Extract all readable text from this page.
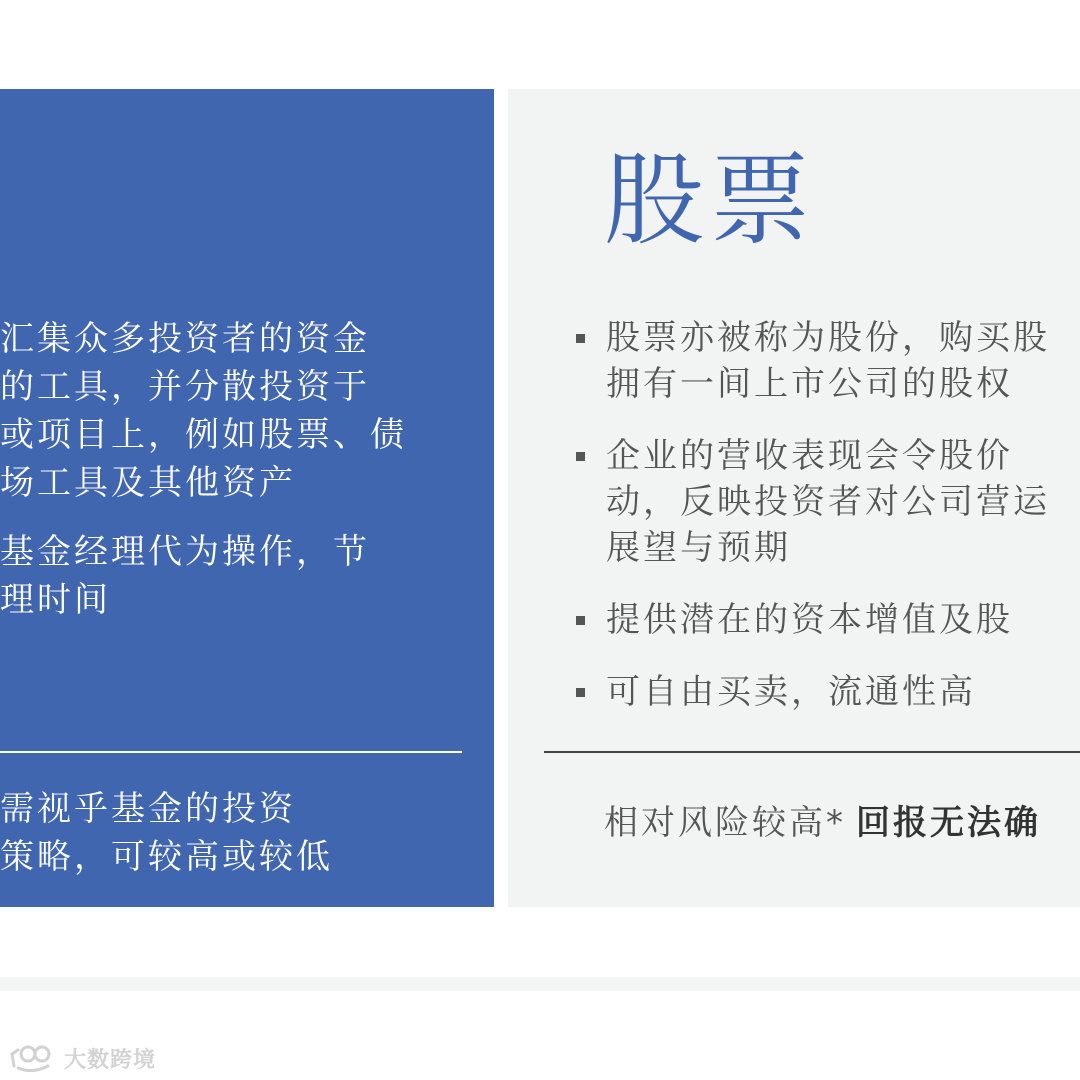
汇集众多投资者的资金
的工具，并分散投资于
或项目上，例如股票、债
场工具及其他资产
基金经理代为操作，节
理时间
需视乎基金的投资
策略，可较高或较低
股票
股票亦被称为股份，购买股
拥有一间上市公司的股权
企业的营收表现会令股价
动，反映投资者对公司营运
展望与预期
提供潜在的资本增值及股
可自由买卖，流通性高
相对风险较高* 回报无法确
大数跨境
